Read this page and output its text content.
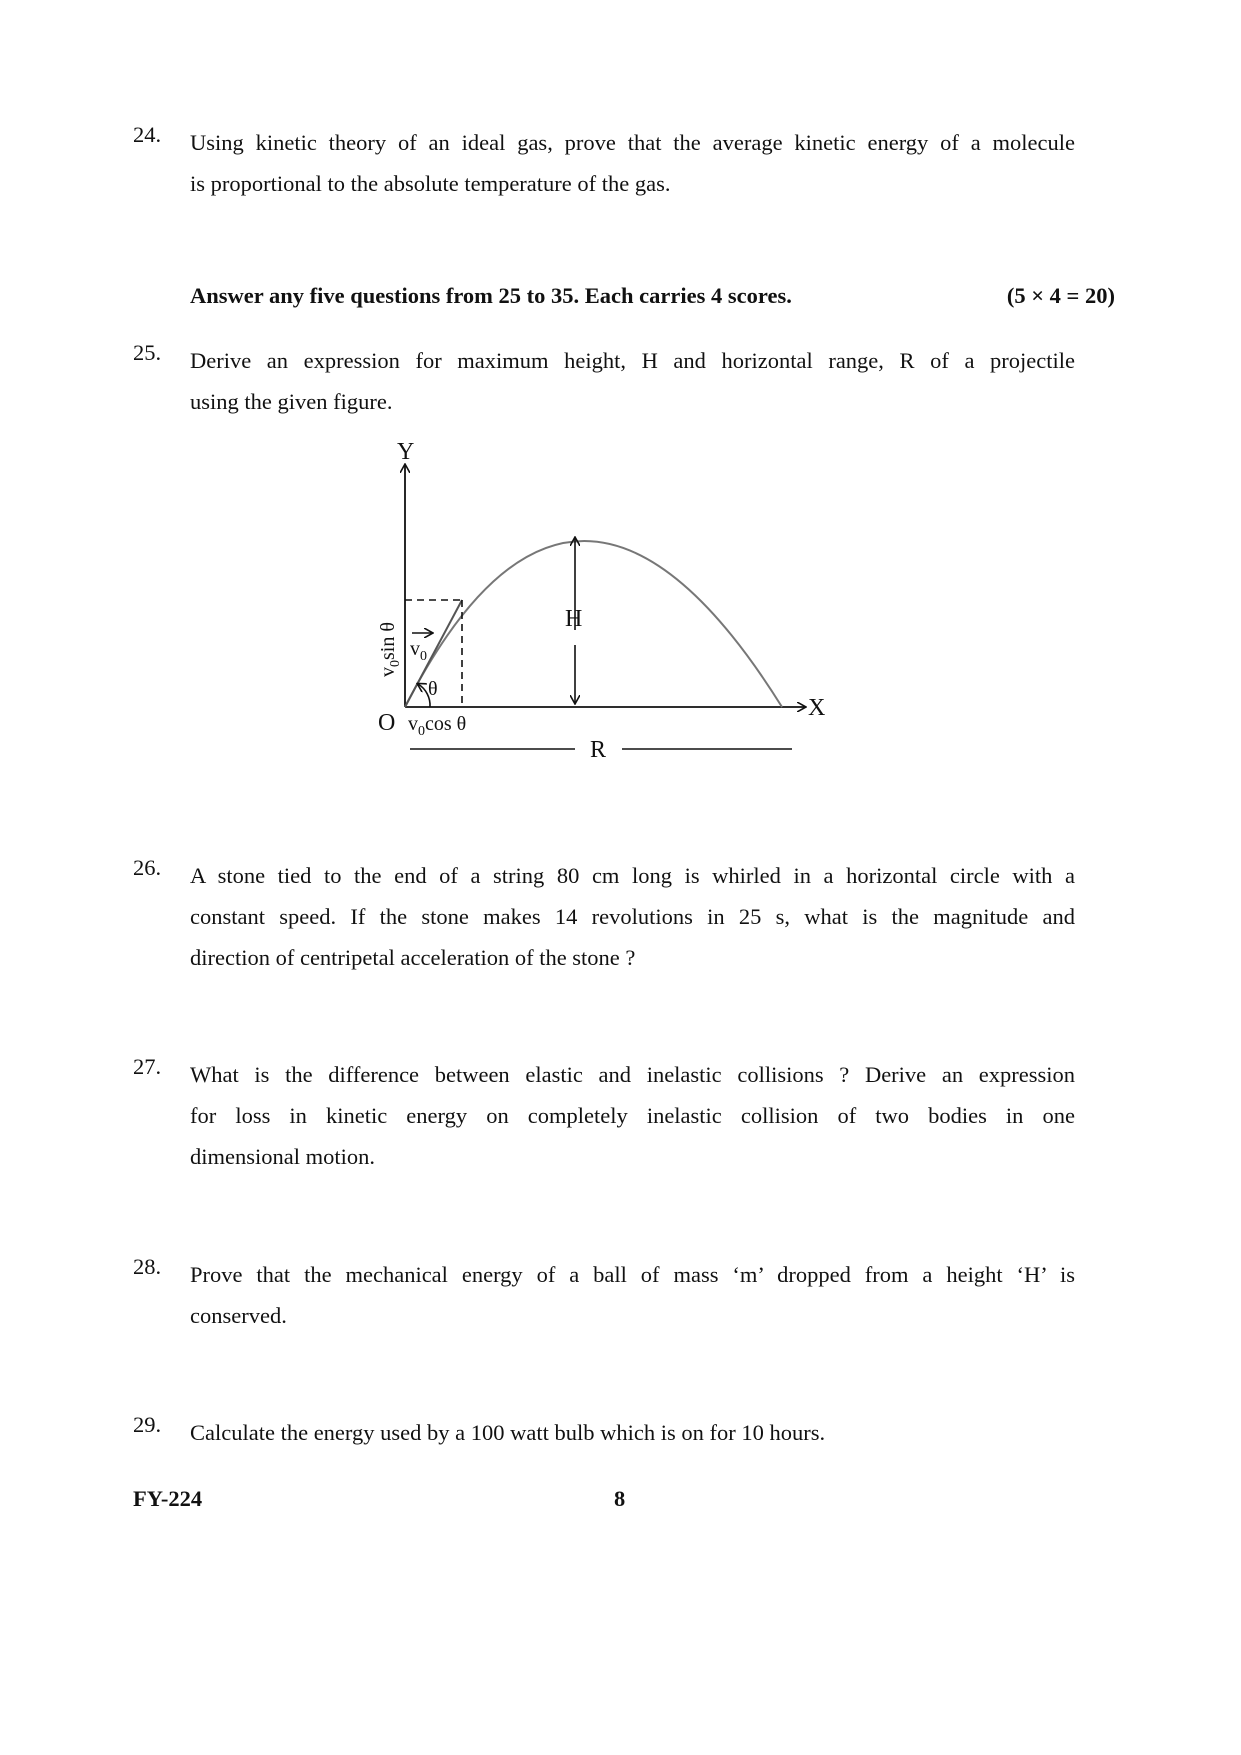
24. Using kinetic theory of an ideal gas, prove that the average kinetic energy of a molecule
is proportional to the absolute temperature of the gas.
Answer any five questions from 25 to 35. Each carries 4 scores.	(5 × 4 = 20)
25. Derive an expression for maximum height, H and horizontal range, R of a projectile
using the given figure.
Y
X
O
θ
$v_0$
H
$v_0\sin$ θ
$v_0\cos$ θ
R
26. A stone tied to the end of a string 80 cm long is whirled in a horizontal circle with a
constant speed. If the stone makes 14 revolutions in 25 s, what is the magnitude and
direction of centripetal acceleration of the stone ?
27. What is the difference between elastic and inelastic collisions ? Derive an expression
for loss in kinetic energy on completely inelastic collision of two bodies in one
dimensional motion.
28. Prove that the mechanical energy of a ball of mass ‘m’ dropped from a height ‘H’ is
conserved.
29. Calculate the energy used by a 100 watt bulb which is on for 10 hours.
FY-224	8
